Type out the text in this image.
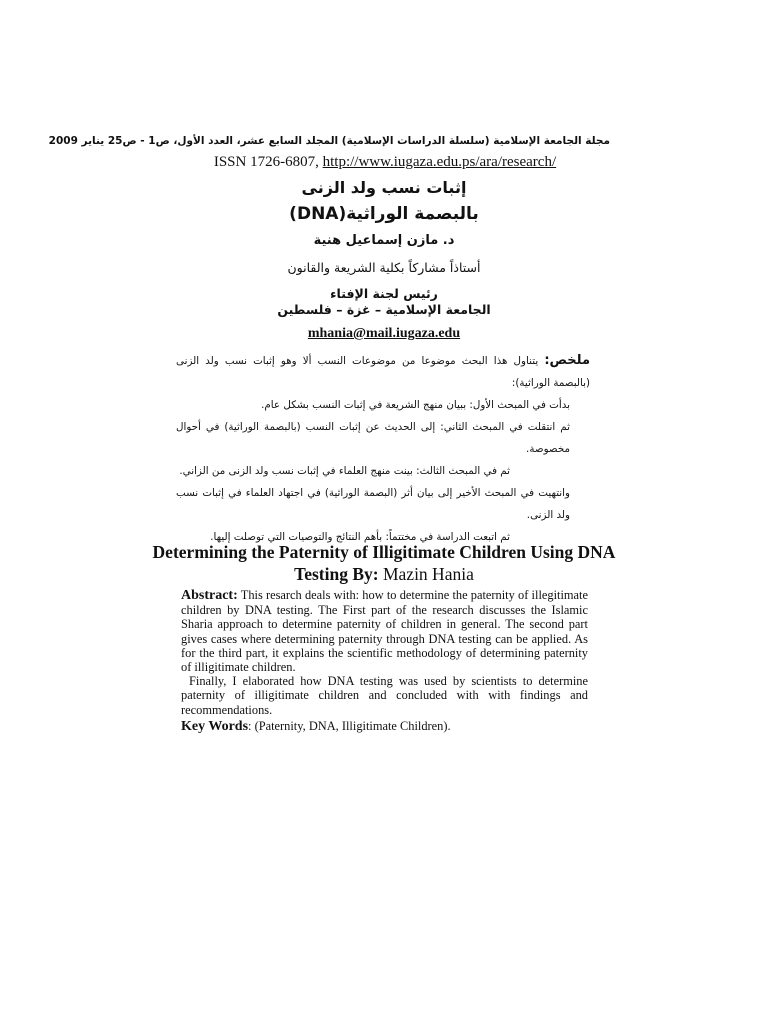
مجلة الجامعة الإسلامية (سلسلة الدراسات الإسلامية) المجلد السابع عشر، العدد الأول، ص1 - ص25 يناير 2009
ISSN 1726-6807, http://www.iugaza.edu.ps/ara/research/
إثبات نسب ولد الزنى
بالبصمة الوراثية(DNA)
د. مازن إسماعيل هنية
أستاذاً مشاركاً بكلية الشريعة والقانون
رئيس لجنة الإفتاء
الجامعة الإسلامية – غزة – فلسطين
mhania@mail.iugaza.edu

ملخص: يتناول هذا البحث موضوعا من موضوعات النسب ألا وهو إثبات نسب ولد الزنى (بالبصمة الوراثية):

بدأت في المبحث الأول: ببيان منهج الشريعة في إثبات النسب بشكل عام.

ثم انتقلت في المبحث الثاني: إلى الحديث عن إثبات النسب (بالبصمة الوراثية) في أحوال مخصوصة.

ثم في المبحث الثالث: بينت منهج العلماء في إثبات نسب ولد الزنى من الزاني.

وانتهيت في المبحث الأخير إلى بيان أثر (البصمة الوراثية) في اجتهاد العلماء في إثبات نسب ولد الزنى.

ثم اتبعت الدراسة في مختتماً: بأهم النتائج والتوصيات التي توصلت إليها.

Determining the Paternity of Illigitimate Children Using DNA Testing By: Mazin Hania

Abstract: This resarch deals with: how to determine the paternity of illegitimate children by DNA testing. The First part of the research discusses the Islamic Sharia approach to determine paternity of children in general. The second part gives cases where determining paternity through DNA testing can be applied. As for the third part, it explains the scientific methodology of determining paternity of illigitimate children.

Finally, I elaborated how DNA testing was used by scientists to determine paternity of illigitimate children and concluded with with findings and recommendations.

Key Words: (Paternity, DNA, Illigitimate Children).
